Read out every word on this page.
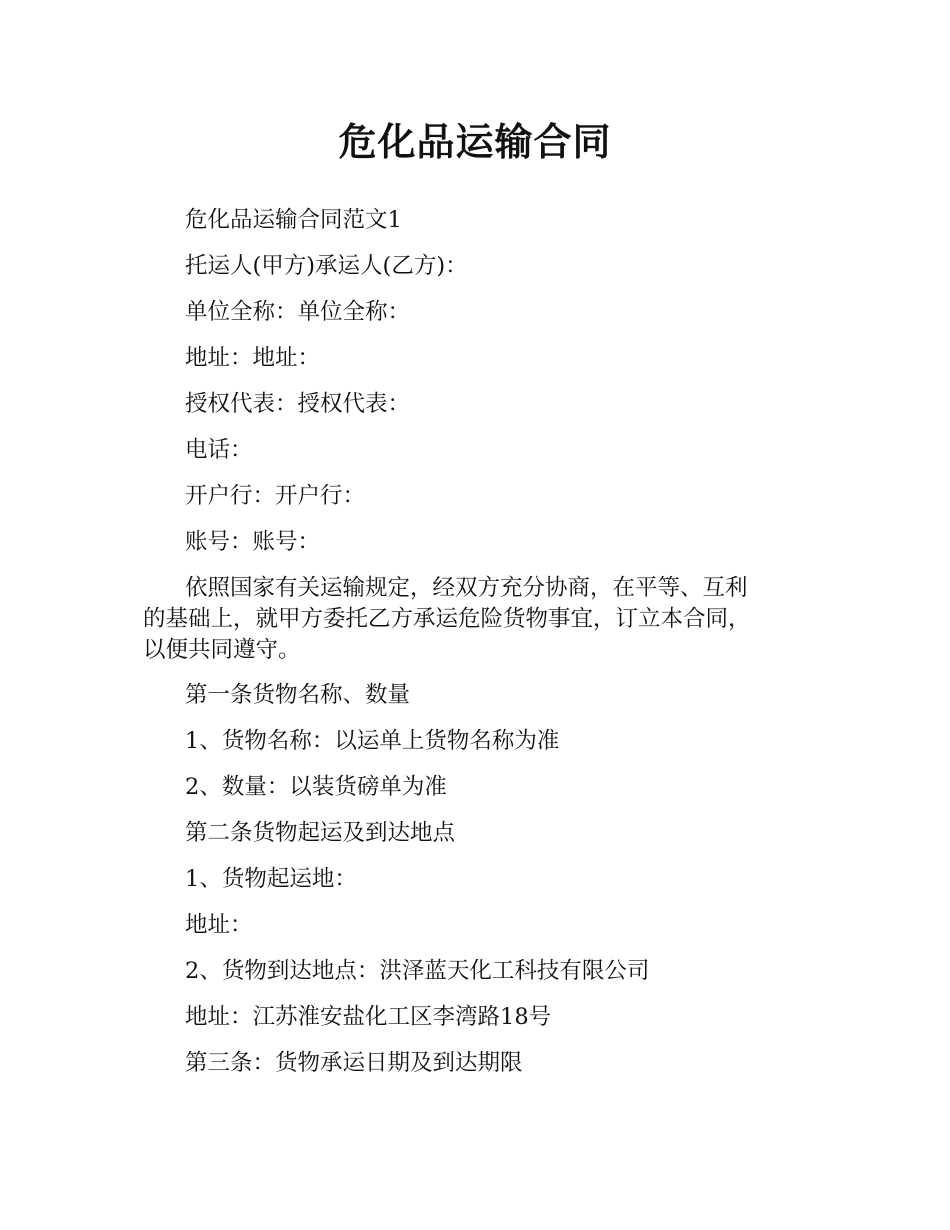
危化品运输合同
危化品运输合同范文1
托运人(甲方)承运人(乙方)：
单位全称：单位全称：
地址：地址：
授权代表：授权代表：
电话：
开户行：开户行：
账号：账号：
依照国家有关运输规定，经双方充分协商，在平等、互利
的基础上，就甲方委托乙方承运危险货物事宜，订立本合同，
以便共同遵守。
第一条货物名称、数量
1、货物名称：以运单上货物名称为准
2、数量：以装货磅单为准
第二条货物起运及到达地点
1、货物起运地：
地址：
2、货物到达地点：洪泽蓝天化工科技有限公司
地址：江苏淮安盐化工区李湾路18号
第三条：货物承运日期及到达期限
